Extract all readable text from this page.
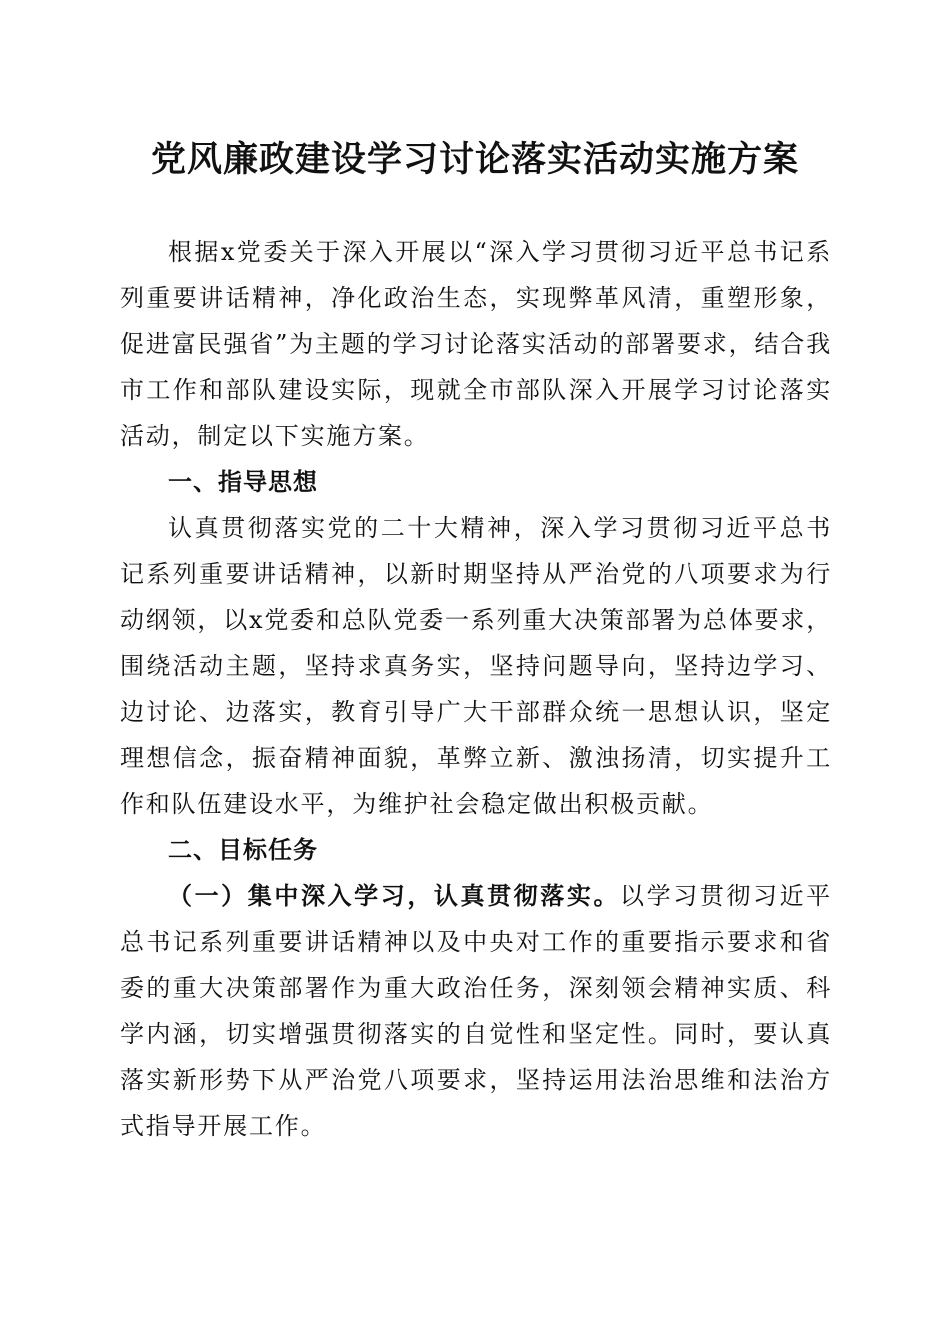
党风廉政建设学习讨论落实活动实施方案

根据x党委关于深入开展以“深入学习贯彻习近平总书记系列重要讲话精神，净化政治生态，实现弊革风清，重塑形象，促进富民强省”为主题的学习讨论落实活动的部署要求，结合我市工作和部队建设实际，现就全市部队深入开展学习讨论落实活动，制定以下实施方案。

一、指导思想

认真贯彻落实党的二十大精神，深入学习贯彻习近平总书记系列重要讲话精神，以新时期坚持从严治党的八项要求为行动纲领，以x党委和总队党委一系列重大决策部署为总体要求，围绕活动主题，坚持求真务实，坚持问题导向，坚持边学习、边讨论、边落实，教育引导广大干部群众统一思想认识，坚定理想信念，振奋精神面貌，革弊立新、激浊扬清，切实提升工作和队伍建设水平，为维护社会稳定做出积极贡献。

二、目标任务

（一）集中深入学习，认真贯彻落实。以学习贯彻习近平总书记系列重要讲话精神以及中央对工作的重要指示要求和省委的重大决策部署作为重大政治任务，深刻领会精神实质、科学内涵，切实增强贯彻落实的自觉性和坚定性。同时，要认真落实新形势下从严治党八项要求，坚持运用法治思维和法治方式指导开展工作。
